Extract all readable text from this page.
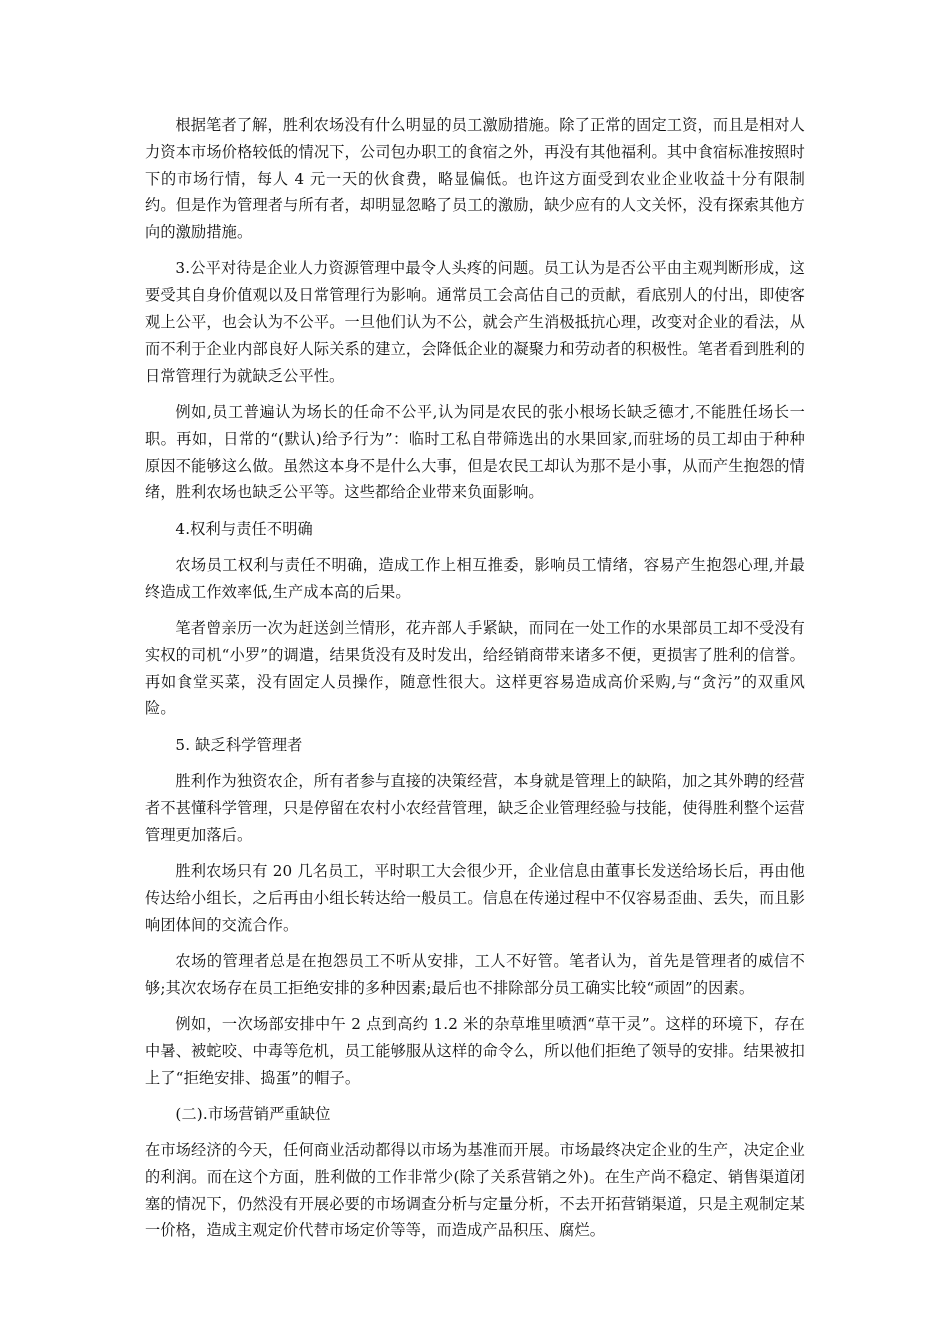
根据笔者了解，胜利农场没有什么明显的员工激励措施。除了正常的固定工资，而且是相对人力资本市场价格较低的情况下，公司包办职工的食宿之外，再没有其他福利。其中食宿标准按照时下的市场行情，每人 4 元一天的伙食费，略显偏低。也许这方面受到农业企业收益十分有限制约。但是作为管理者与所有者，却明显忽略了员工的激励，缺少应有的人文关怀，没有探索其他方向的激励措施。

3.公平对待是企业人力资源管理中最令人头疼的问题。员工认为是否公平由主观判断形成，这要受其自身价值观以及日常管理行为影响。通常员工会高估自己的贡献，看底别人的付出，即使客观上公平，也会认为不公平。一旦他们认为不公，就会产生消极抵抗心理，改变对企业的看法，从而不利于企业内部良好人际关系的建立，会降低企业的凝聚力和劳动者的积极性。笔者看到胜利的日常管理行为就缺乏公平性。

例如,员工普遍认为场长的任命不公平,认为同是农民的张小根场长缺乏德才,不能胜任场长一职。再如，日常的“(默认)给予行为”：临时工私自带筛选出的水果回家,而驻场的员工却由于种种原因不能够这么做。虽然这本身不是什么大事，但是农民工却认为那不是小事，从而产生抱怨的情绪，胜利农场也缺乏公平等。这些都给企业带来负面影响。

4.权利与责任不明确

农场员工权利与责任不明确，造成工作上相互推委，影响员工情绪，容易产生抱怨心理,并最终造成工作效率低,生产成本高的后果。

笔者曾亲历一次为赶送剑兰情形，花卉部人手紧缺，而同在一处工作的水果部员工却不受没有实权的司机“小罗”的调遣，结果货没有及时发出，给经销商带来诸多不便，更损害了胜利的信誉。再如食堂买菜，没有固定人员操作，随意性很大。这样更容易造成高价采购,与“贪污”的双重风险。

5. 缺乏科学管理者

胜利作为独资农企，所有者参与直接的决策经营，本身就是管理上的缺陷，加之其外聘的经营者不甚懂科学管理，只是停留在农村小农经营管理，缺乏企业管理经验与技能，使得胜利整个运营管理更加落后。

胜利农场只有 20 几名员工，平时职工大会很少开，企业信息由董事长发送给场长后，再由他传达给小组长，之后再由小组长转达给一般员工。信息在传递过程中不仅容易歪曲、丢失，而且影响团体间的交流合作。

农场的管理者总是在抱怨员工不听从安排，工人不好管。笔者认为，首先是管理者的威信不够;其次农场存在员工拒绝安排的多种因素;最后也不排除部分员工确实比较“顽固”的因素。

例如，一次场部安排中午 2 点到高约 1.2 米的杂草堆里喷洒“草干灵”。这样的环境下，存在中暑、被蛇咬、中毒等危机，员工能够服从这样的命令么，所以他们拒绝了领导的安排。结果被扣上了“拒绝安排、捣蛋”的帽子。

(二).市场营销严重缺位

在市场经济的今天，任何商业活动都得以市场为基准而开展。市场最终决定企业的生产，决定企业的利润。而在这个方面，胜利做的工作非常少(除了关系营销之外)。在生产尚不稳定、销售渠道闭塞的情况下，仍然没有开展必要的市场调查分析与定量分析，不去开拓营销渠道，只是主观制定某一价格，造成主观定价代替市场定价等等，而造成产品积压、腐烂。
